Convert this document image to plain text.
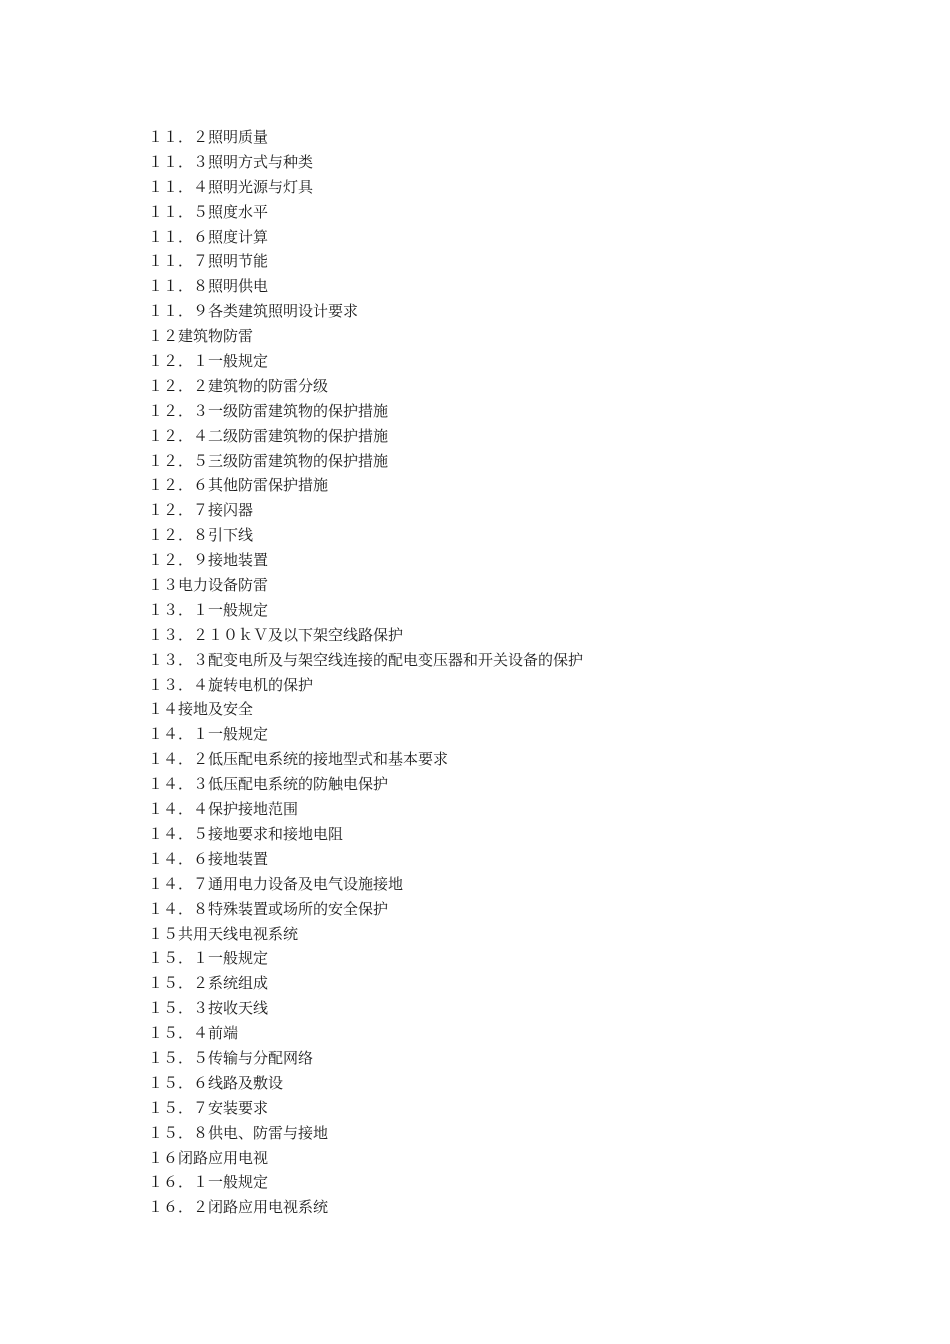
１１．２照明质量
１１．３照明方式与种类
１１．４照明光源与灯具
１１．５照度水平
１１．６照度计算
１１．７照明节能
１１．８照明供电
１１．９各类建筑照明设计要求
１２建筑物防雷
１２．１一般规定
１２．２建筑物的防雷分级
１２．３一级防雷建筑物的保护措施
１２．４二级防雷建筑物的保护措施
１２．５三级防雷建筑物的保护措施
１２．６其他防雷保护措施
１２．７接闪器
１２．８引下线
１２．９接地装置
１３电力设备防雷
１３．１一般规定
１３．２１０ｋＶ及以下架空线路保护
１３．３配变电所及与架空线连接的配电变压器和开关设备的保护
１３．４旋转电机的保护
１４接地及安全
１４．１一般规定
１４．２低压配电系统的接地型式和基本要求
１４．３低压配电系统的防触电保护
１４．４保护接地范围
１４．５接地要求和接地电阻
１４．６接地装置
１４．７通用电力设备及电气设施接地
１４．８特殊装置或场所的安全保护
１５共用天线电视系统
１５．１一般规定
１５．２系统组成
１５．３按收天线
１５．４前端
１５．５传输与分配网络
１５．６线路及敷设
１５．７安装要求
１５．８供电、防雷与接地
１６闭路应用电视
１６．１一般规定
１６．２闭路应用电视系统
